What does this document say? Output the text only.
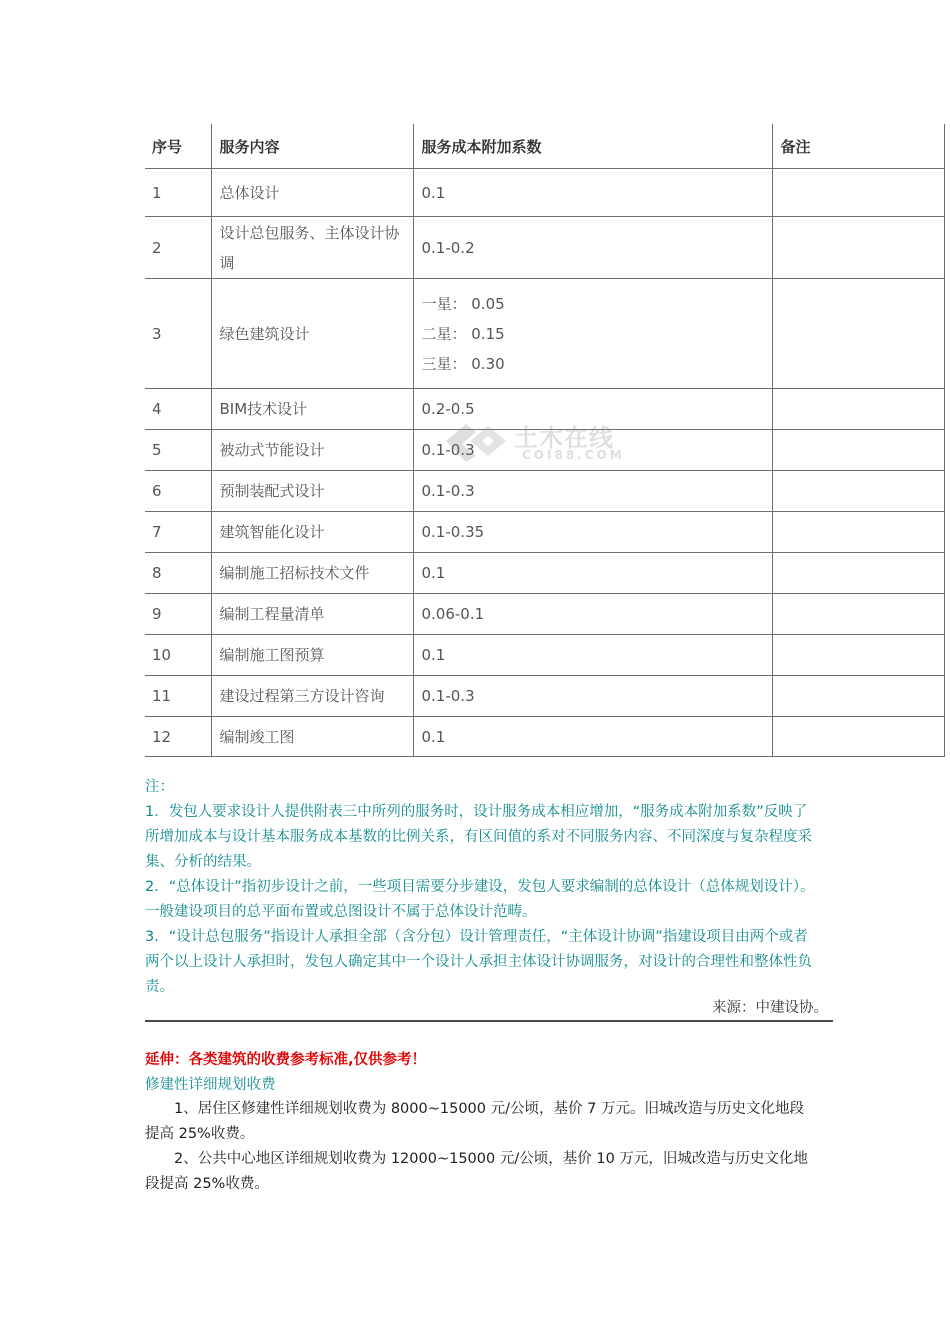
序号	服务内容	服务成本附加系数	备注
1	总体设计	0.1	

2	设计总包服务、主体设计协调	0.1-0.2	

3	绿色建筑设计	一星： 0.05
二星： 0.15
三星： 0.30	

4	BIM技术设计	0.2-0.5	

5	被动式节能设计	0.1-0.3	

6	预制装配式设计	0.1-0.3	

7	建筑智能化设计	0.1-0.35	

8	编制施工招标技术文件	0.1	

9	编制工程量清单	0.06-0.1	

10	编制施工图预算	0.1	

11	建设过程第三方设计咨询	0.1-0.3	

12	编制竣工图	0.1	

土木在线
COI88.COM

注：

1．发包人要求设计人提供附表三中所列的服务时，设计服务成本相应增加，“服务成本附加系数”反映了所增加成本与设计基本服务成本基数的比例关系，有区间值的系对不同服务内容、不同深度与复杂程度采集、分析的结果。

2．“总体设计”指初步设计之前，一些项目需要分步建设，发包人要求编制的总体设计（总体规划设计）。一般建设项目的总平面布置或总图设计不属于总体设计范畴。

3．“设计总包服务”指设计人承担全部（含分包）设计管理责任，“主体设计协调”指建设项目由两个或者两个以上设计人承担时，发包人确定其中一个设计人承担主体设计协调服务，对设计的合理性和整体性负责。

来源：中建设协。
延伸：各类建筑的收费参考标准,仅供参考！
修建性详细规划收费

1、居住区修建性详细规划收费为 8000~15000 元/公顷，基价 7 万元。旧城改造与历史文化地段提高 25%收费。

2、公共中心地区详细规划收费为 12000~15000 元/公顷，基价 10 万元，旧城改造与历史文化地段提高 25%收费。
